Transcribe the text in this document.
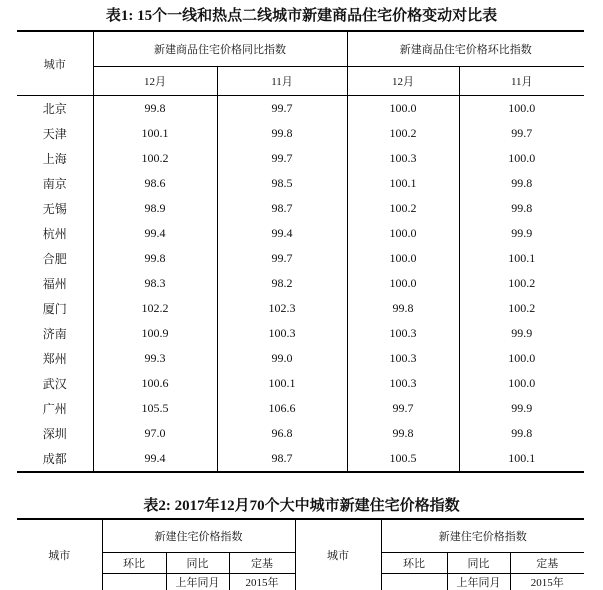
表1: 15个一线和热点二线城市新建商品住宅价格变动对比表
城市	新建商品住宅价格同比指数		新建商品住宅价格环比指数	
	12月	11月	12月	11月
北京	99.8	99.7	100.0	100.0
天津	100.1	99.8	100.2	99.7
上海	100.2	99.7	100.3	100.0
南京	98.6	98.5	100.1	99.8
无锡	98.9	98.7	100.2	99.8
杭州	99.4	99.4	100.0	99.9
合肥	99.8	99.7	100.0	100.1
福州	98.3	98.2	100.0	100.2
厦门	102.2	102.3	99.8	100.2
济南	100.9	100.3	100.3	99.9
郑州	99.3	99.0	100.3	100.0
武汉	100.6	100.1	100.3	100.0
广州	105.5	106.6	99.7	99.9
深圳	97.0	96.8	99.8	99.8
成都	99.4	98.7	100.5	100.1
表2: 2017年12月70个大中城市新建住宅价格指数
城市	新建住宅价格指数			城市	新建住宅价格指数		
	环比	同比	定基		环比	同比	定基
		上年同月	2015年			上年同月	2015年
